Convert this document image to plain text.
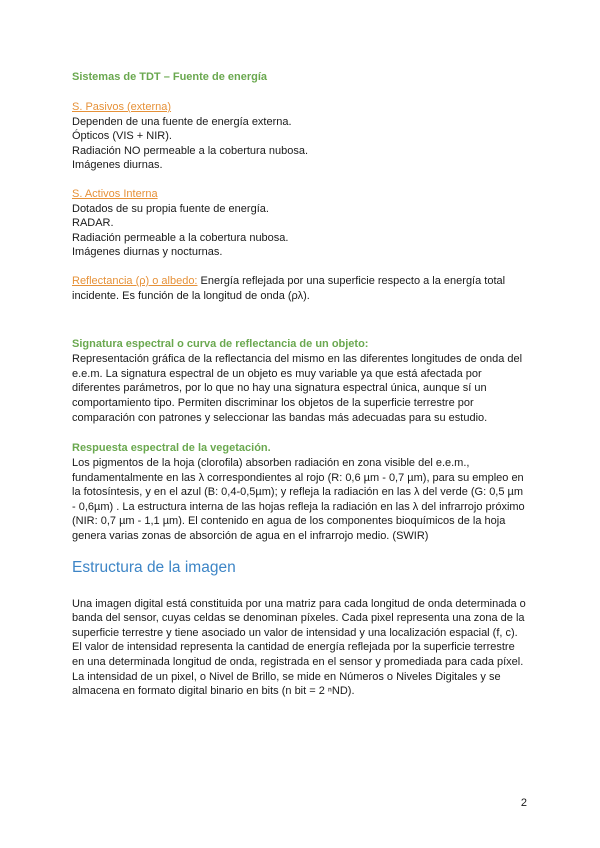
Sistemas de TDT – Fuente de energía

S. Pasivos (externa)
Dependen de una fuente de energía externa.
Ópticos (VIS + NIR).
Radiación NO permeable a la cobertura nubosa.
Imágenes diurnas.
S. Activos Interna
Dotados de su propia fuente de energía.
RADAR.
Radiación permeable a la cobertura nubosa.
Imágenes diurnas y nocturnas.

Reflectancia (ρ) o albedo: Energía reflejada por una superficie respecto a la energía total incidente. Es función de la longitud de onda (ρλ).

Signatura espectral o curva de reflectancia de un objeto:

Representación gráfica de la reflectancia del mismo en las diferentes longitudes de onda del e.e.m. La signatura espectral de un objeto es muy variable ya que está afectada por diferentes parámetros, por lo que no hay una signatura espectral única, aunque sí un comportamiento tipo. Permiten discriminar los objetos de la superficie terrestre por comparación con patrones y seleccionar las bandas más adecuadas para su estudio.

Respuesta espectral de la vegetación.

Los pigmentos de la hoja (clorofila) absorben radiación en zona visible del e.e.m., fundamentalmente en las λ correspondientes al rojo (R: 0,6 µm - 0,7 µm), para su empleo en la fotosíntesis, y en el azul (B: 0,4-0,5µm); y refleja la radiación en las λ del verde (G: 0,5 µm - 0,6µm) . La estructura interna de las hojas refleja la radiación en las λ del infrarrojo próximo (NIR: 0,7 µm - 1,1 µm). El contenido en agua de los componentes bioquímicos de la hoja genera varias zonas de absorción de agua en el infrarrojo medio. (SWIR)

Estructura de la imagen

Una imagen digital está constituida por una matriz para cada longitud de onda determinada o banda del sensor, cuyas celdas se denominan píxeles. Cada pixel representa una zona de la superficie terrestre y tiene asociado un valor de intensidad y una localización espacial (f, c). El valor de intensidad representa la cantidad de energía reflejada por la superficie terrestre en una determinada longitud de onda, registrada en el sensor y promediada para cada píxel.

La intensidad de un pixel, o Nivel de Brillo, se mide en Números o Niveles Digitales y se almacena en formato digital binario en bits (n bit = 2 ⁿND).

2
